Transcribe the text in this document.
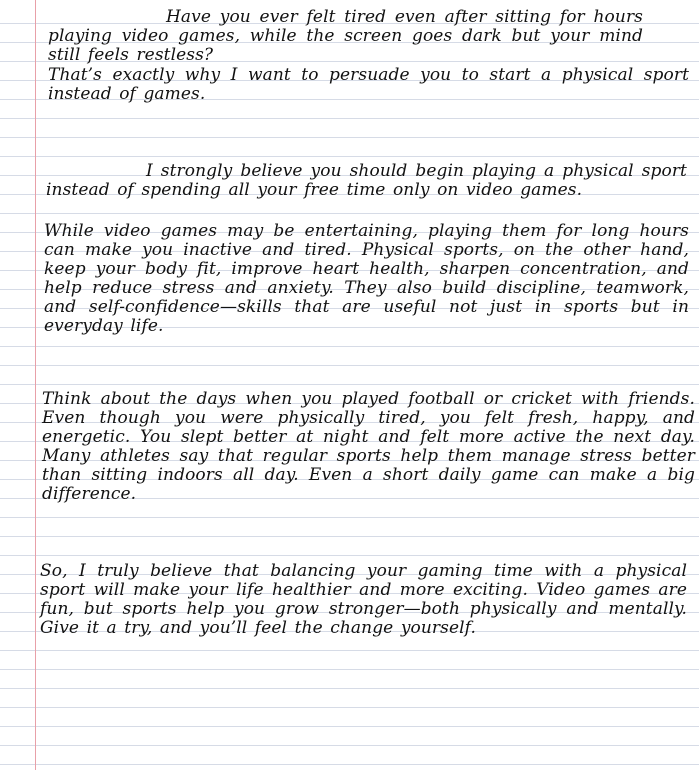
Have you ever felt tired even after sitting for hours playing video games, while the screen goes dark but your mind still feels restless?
That’s exactly why I want to persuade you to start a physical sport instead of games.
I strongly believe you should begin playing a physical sport instead of spending all your free time only on video games.
While video games may be entertaining, playing them for long hours can make you inactive and tired. Physical sports, on the other hand, keep your body fit, improve heart health, sharpen concentration, and help reduce stress and anxiety. They also build discipline, teamwork, and self-confidence—skills that are useful not just in sports but in everyday life.
Think about the days when you played football or cricket with friends. Even though you were physically tired, you felt fresh, happy, and energetic. You slept better at night and felt more active the next day. Many athletes say that regular sports help them manage stress better than sitting indoors all day. Even a short daily game can make a big difference.
So, I truly believe that balancing your gaming time with a physical sport will make your life healthier and more exciting. Video games are fun, but sports help you grow stronger—both physically and mentally. Give it a try, and you’ll feel the change yourself.
